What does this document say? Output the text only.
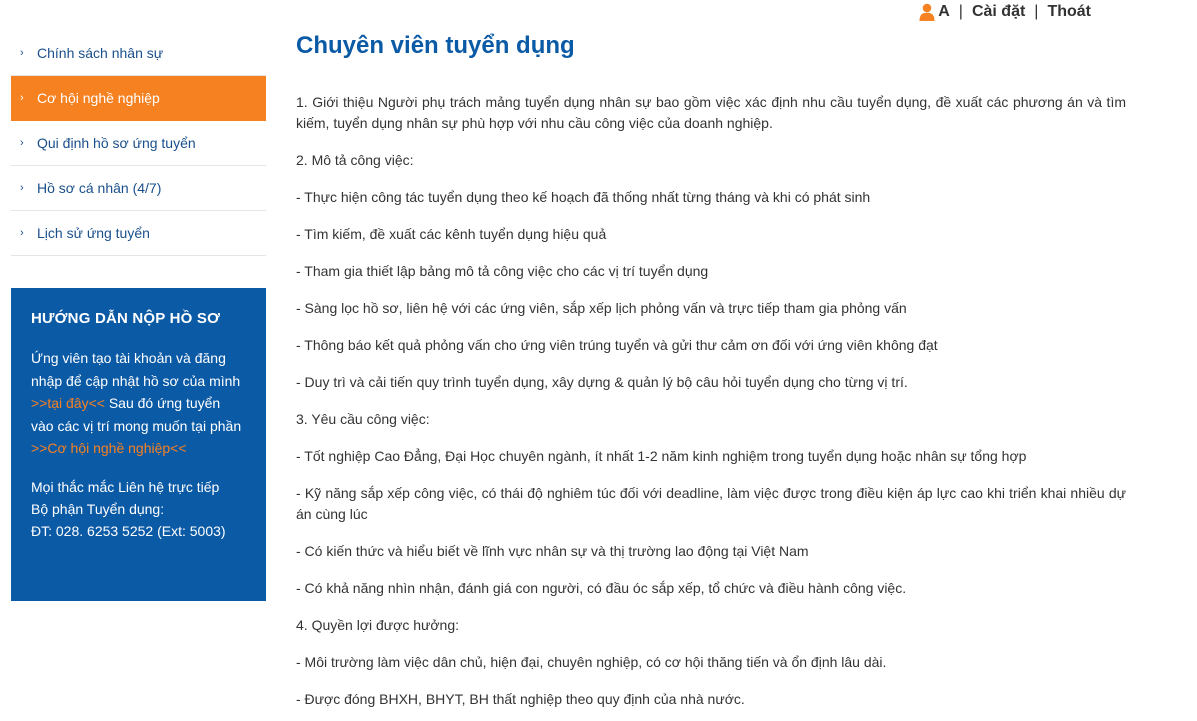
A | Cài đặt | Thoát
› Chính sách nhân sự
› Cơ hội nghề nghiệp
› Qui định hồ sơ ứng tuyển
› Hồ sơ cá nhân (4/7)
› Lịch sử ứng tuyển
HƯỚNG DẪN NỘP HỒ SƠ
Ứng viên tạo tài khoản và đăng nhập để cập nhật hồ sơ của mình >>tại đây<< Sau đó ứng tuyển vào các vị trí mong muốn tại phần
>>Cơ hội nghề nghiệp<<
Mọi thắc mắc Liên hệ trực tiếp
Bộ phận Tuyển dụng:
ĐT: 028. 6253 5252 (Ext: 5003)
Chuyên viên tuyển dụng

1. Giới thiệu Người phụ trách mảng tuyển dụng nhân sự bao gồm việc xác định nhu cầu tuyển dụng, đề xuất các phương án và tìm kiếm, tuyển dụng nhân sự phù hợp với nhu cầu công việc của doanh nghiệp.

2. Mô tả công việc:

- Thực hiện công tác tuyển dụng theo kế hoạch đã thống nhất từng tháng và khi có phát sinh

- Tìm kiếm, đề xuất các kênh tuyển dụng hiệu quả

- Tham gia thiết lập bảng mô tả công việc cho các vị trí tuyển dụng

- Sàng lọc hồ sơ, liên hệ với các ứng viên, sắp xếp lịch phỏng vấn và trực tiếp tham gia phỏng vấn

- Thông báo kết quả phỏng vấn cho ứng viên trúng tuyển và gửi thư cảm ơn đối với ứng viên không đạt

- Duy trì và cải tiến quy trình tuyển dụng, xây dựng & quản lý bộ câu hỏi tuyển dụng cho từng vị trí.

3. Yêu cầu công việc:

- Tốt nghiệp Cao Đẳng, Đại Học chuyên ngành, ít nhất 1-2 năm kinh nghiệm trong tuyển dụng hoặc nhân sự tổng hợp

- Kỹ năng sắp xếp công việc, có thái độ nghiêm túc đối với deadline, làm việc được trong điều kiện áp lực cao khi triển khai nhiều dự án cùng lúc

- Có kiến thức và hiểu biết về lĩnh vực nhân sự và thị trường lao động tại Việt Nam

- Có khả năng nhìn nhận, đánh giá con người, có đầu óc sắp xếp, tổ chức và điều hành công việc.

4. Quyền lợi được hưởng:

- Môi trường làm việc dân chủ, hiện đại, chuyên nghiệp, có cơ hội thăng tiến và ổn định lâu dài.

- Được đóng BHXH, BHYT, BH thất nghiệp theo quy định của nhà nước.
